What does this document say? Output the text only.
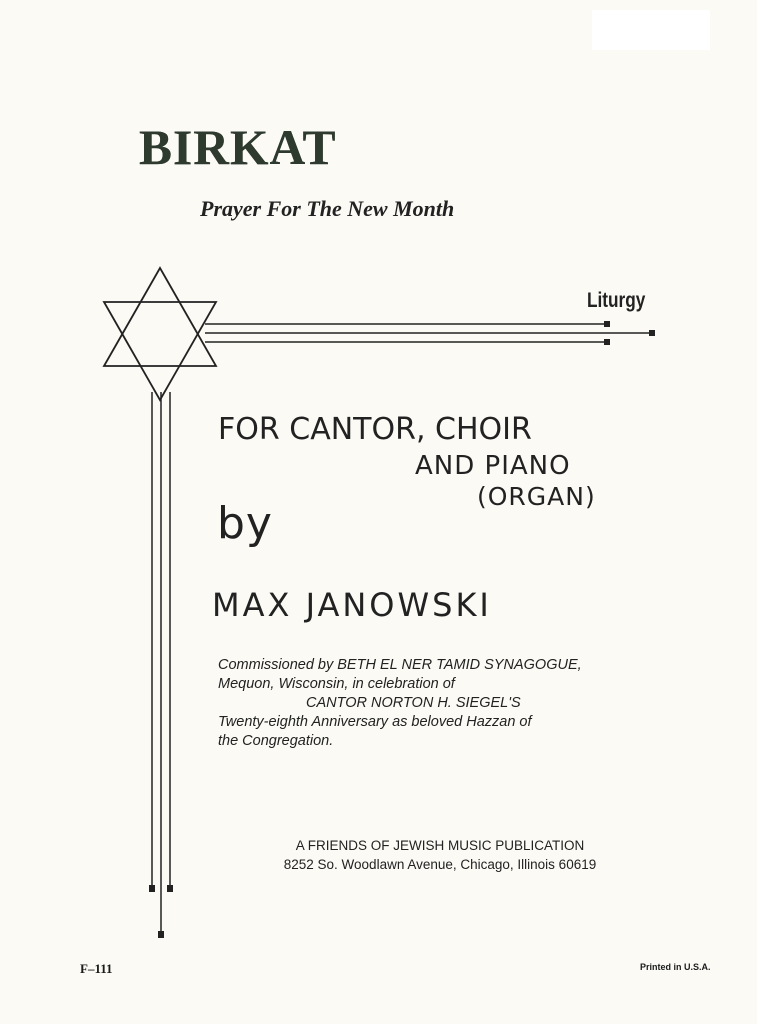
BIRKAT
Prayer For The New Month
Liturgy
FOR CANTOR, CHOIR
AND PIANO
(ORGAN)
by
MAX JANOWSKI
Commissioned by BETH EL NER TAMID SYNAGOGUE,
Mequon, Wisconsin, in celebration of

CANTOR NORTON H. SIEGEL'S
Twenty-eighth Anniversary as beloved Hazzan of
the Congregation.
A FRIENDS OF JEWISH MUSIC PUBLICATION
8252 So. Woodlawn Avenue, Chicago, Illinois 60619
F–111	Printed in U.S.A.
